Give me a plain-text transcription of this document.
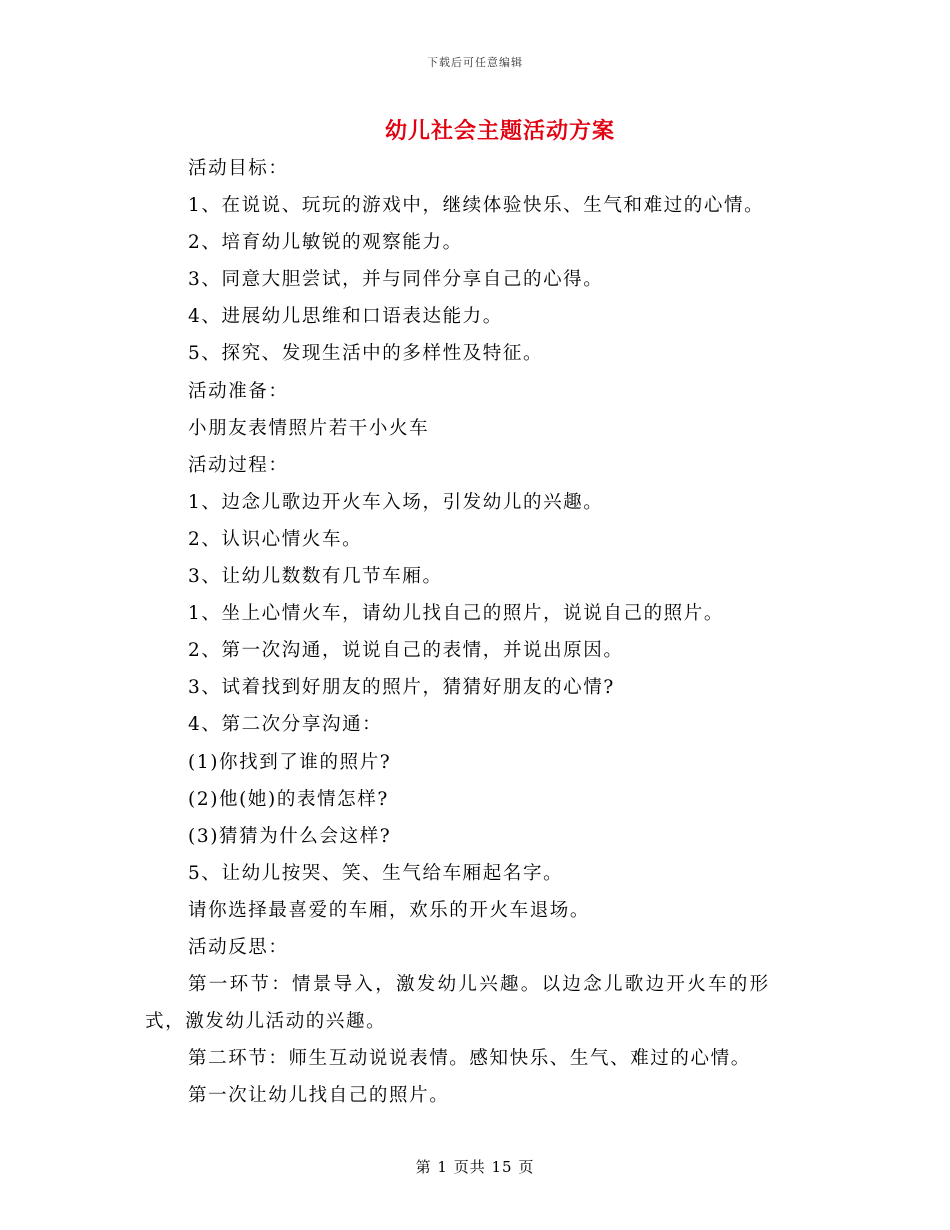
下载后可任意编辑
幼儿社会主题活动方案
活动目标：
1、在说说、玩玩的游戏中，继续体验快乐、生气和难过的心情。
2、培育幼儿敏锐的观察能力。
3、同意大胆尝试，并与同伴分享自己的心得。
4、进展幼儿思维和口语表达能力。
5、探究、发现生活中的多样性及特征。
活动准备：
小朋友表情照片若干小火车
活动过程：
1、边念儿歌边开火车入场，引发幼儿的兴趣。
2、认识心情火车。
3、让幼儿数数有几节车厢。
1、坐上心情火车，请幼儿找自己的照片，说说自己的照片。
2、第一次沟通，说说自己的表情，并说出原因。
3、试着找到好朋友的照片，猜猜好朋友的心情?
4、第二次分享沟通：
(1)你找到了谁的照片?
(2)他(她)的表情怎样?
(3)猜猜为什么会这样?
5、让幼儿按哭、笑、生气给车厢起名字。
请你选择最喜爱的车厢，欢乐的开火车退场。
活动反思：
第一环节：情景导入，激发幼儿兴趣。以边念儿歌边开火车的形
式，激发幼儿活动的兴趣。
第二环节：师生互动说说表情。感知快乐、生气、难过的心情。
第一次让幼儿找自己的照片。
第 1 页共 15 页
